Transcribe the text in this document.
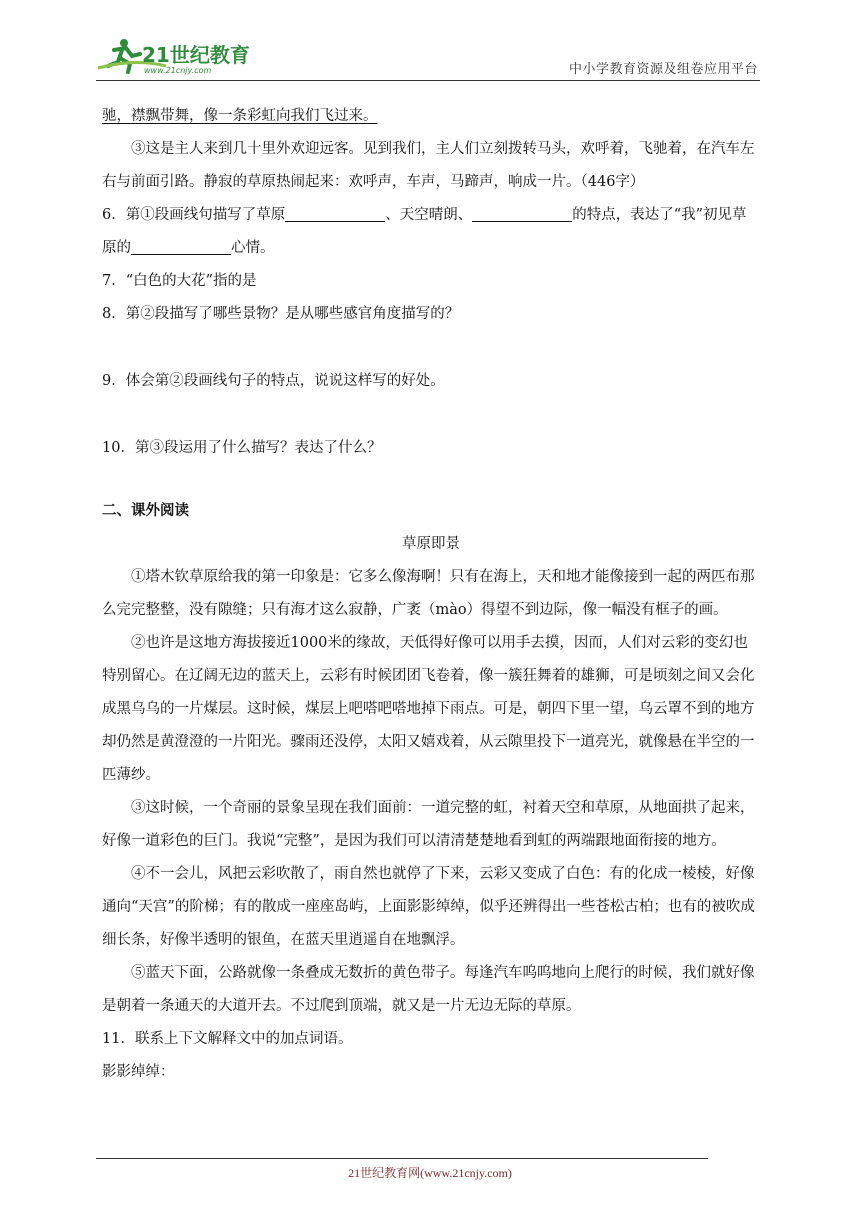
21世纪教育
www.21cnjy.com	中小学教育资源及组卷应用平台

驰，襟飘带舞，像一条彩虹向我们飞过来。

③这是主人来到几十里外欢迎远客。见到我们，主人们立刻拨转马头，欢呼着，飞驰着，在汽车左右与前面引路。静寂的草原热闹起来：欢呼声，车声，马蹄声，响成一片。（446字）

6．第①段画线句描写了草原	、天空晴朗、	的特点，表达了“我”初见草原的	心情。

7．“白色的大花”指的是

8．第②段描写了哪些景物？是从哪些感官角度描写的？

9．体会第②段画线句子的特点，说说这样写的好处。

10．第③段运用了什么描写？表达了什么？

二、课外阅读

草原即景

①塔木钦草原给我的第一印象是：它多么像海啊！只有在海上，天和地才能像接到一起的两匹布那么完完整整，没有隙缝；只有海才这么寂静，广袤（mào）得望不到边际，像一幅没有框子的画。

②也许是这地方海拔接近1000米的缘故，天低得好像可以用手去摸，因而，人们对云彩的变幻也特别留心。在辽阔无边的蓝天上，云彩有时候团团飞卷着，像一簇狂舞着的雄狮，可是顷刻之间又会化成黑乌乌的一片煤层。这时候，煤层上吧嗒吧嗒地掉下雨点。可是，朝四下里一望，乌云罩不到的地方却仍然是黄澄澄的一片阳光。骤雨还没停，太阳又嬉戏着，从云隙里投下一道亮光，就像悬在半空的一匹薄纱。

③这时候，一个奇丽的景象呈现在我们面前：一道完整的虹，衬着天空和草原，从地面拱了起来，好像一道彩色的巨门。我说“完整”，是因为我们可以清清楚楚地看到虹的两端跟地面衔接的地方。

④不一会儿，风把云彩吹散了，雨自然也就停了下来，云彩又变成了白色：有的化成一棱棱，好像通向“天宫”的阶梯；有的散成一座座岛屿，上面影影绰绰，似乎还辨得出一些苍松古柏；也有的被吹成细长条，好像半透明的银鱼，在蓝天里逍遥自在地飘浮。

⑤蓝天下面，公路就像一条叠成无数折的黄色带子。每逢汽车呜呜地向上爬行的时候，我们就好像是朝着一条通天的大道开去。不过爬到顶端，就又是一片无边无际的草原。

11．联系上下文解释文中的加点词语。

影影绰绰：

21世纪教育网(www.21cnjy.com)
